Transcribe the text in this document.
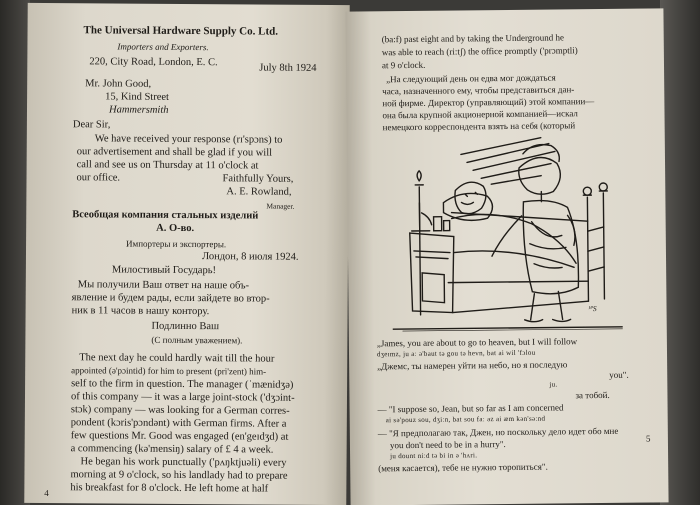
The Universal Hardware Supply Co. Ltd.
Importers and Exporters.
220, City Road, London, E. C.	July 8th 1924
Mr. John Good,
15, Kind Street
Hammersmith
Dear Sir,
We have received your response (rɪ'spɔns) to
our advertisement and shall be glad if you will
call and see us on Thursday at 11 o'clock at
our office.	Faithfully Yours,
A. E. Rowland,
Manager.
Всеобщая компания стальных изделий
А. О-во.
Импортеры и экспортеры.
Лондон, 8 июля 1924.
Милостивый Государь!
Мы получили Ваш ответ на наше объ-
явление и будем рады, если зайдете во втор-
ник в 11 часов в нашу контору.
Подлинно Ваш
(С полным уважением).
The next day he could hardly wait till the hour
appointed (ə'pɔintid) for him to present (pri'zent) him-
self to the firm in question. The manager (ˈmænidʒə)
of this company — it was a large joint-stock ('dʒɔint-
stɔk) company — was looking for a German corres-
pondent (kɔris'pɔndənt) with German firms. After a
few questions Mr. Good was engaged (en'geɪdʒd) at
a commencing (kə'mensiŋ) salary of £ 4 a week.
He began his work punctually ('pʌŋktjuəli) every
morning at 9 o'clock, so his landlady had to prepare
his breakfast for 8 o'clock. He left home at half
4
(ba:f) past eight and by taking the Underground he
was able to reach (ri:tʃ) the office promptly ('prɔmptli)
at 9 o'clock.
„На следующий день он едва мог дождаться
часа, назначенного ему, чтобы представиться дан-
ной фирме. Директор (управляющий) этой компании—
она была крупной акционерной компанией—искал
немецкого корреспондента взять на себя (который
ᴴ'S
„James, you are about to go to heaven, but I will follow
dʒeɪmz, ju aː ə'baut tə gou tə hevn, bat ai wil 'fɔlou
„Джемс, ты намерен уйти на небо, но я последую
you".
ju.
за тобой.
— "I suppose so, Jean, but so far as I am concerned
ai sə'pouz sou, dʒiːn, bat sou faː əz ai æm kən'səːnd
— "Я предполагаю так, Джен, но поскольку дело идет обо мне
you don't need to be in a hurry".
ju dount niːd tə bi in ə 'hʌri.
(меня касается), тебе не нужно торопиться".
5
